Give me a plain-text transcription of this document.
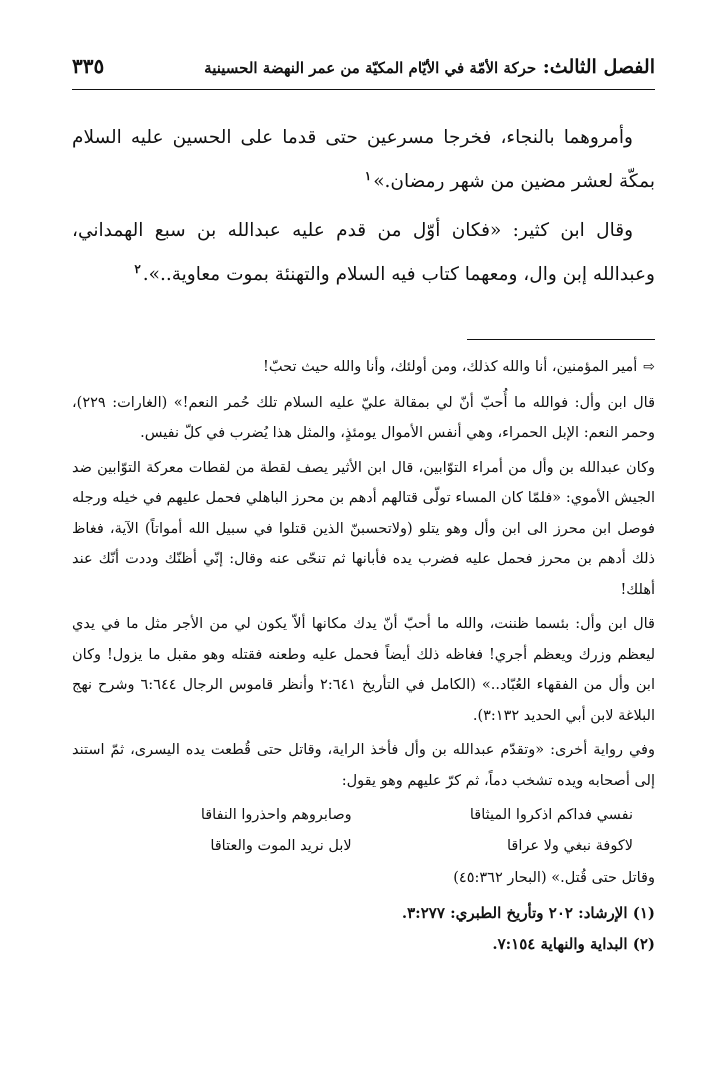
الفصل الثالث: حركة الأمّة في الأيّام المكيّة من عمر النهضة الحسينية
٣٣٥

وأمروهما بالنجاء، فخرجا مسرعين حتى قدما على الحسين عليه السلام بمكّة لعشر مضين من شهر رمضان.»$^١$

وقال ابن كثير: «فكان أوّل من قدم عليه عبدالله بن سبع الهمداني، وعبدالله إبن وال، ومعهما كتاب فيه السلام والتهنئة بموت معاوية..».$^٢$

⇨أمير المؤمنين، أنا والله كذلك، ومن أولئك، وأنا والله حيث تحبّ!

قال ابن وأل: فوالله ما أُحبّ أنّ لي بمقالة عليّ عليه السلام تلك حُمر النعم!» (الغارات: ٢٢٩)، وحمر النعم: الإبل الحمراء، وهي أنفس الأموال يومئذٍ، والمثل هذا يُضرب في كلّ نفيس.

وكان عبدالله بن وأل من أمراء التوّابين، قال ابن الأثير يصف لقطة من لقطات معركة التوّابين ضد الجيش الأموي: «فلمّا كان المساء تولّى قتالهم أدهم بن محرز الباهلي فحمل عليهم في خيله ورجله فوصل ابن محرز الى ابن وأل وهو يتلو (ولاتحسبنّ الذين قتلوا في سبيل الله أمواتاً) الآية، فغاظ ذلك أدهم بن محرز فحمل عليه فضرب يده فأبانها ثم تنحّى عنه وقال: إنّي أظنّك وددت أنّك عند أهلك!

قال ابن وأل: بئسما ظننت، والله ما أحبّ أنّ يدك مكانها ألاّ يكون لي من الأجر مثل ما في يدي ليعظم وزرك ويعظم أجري! فغاظه ذلك أيضاً فحمل عليه وطعنه فقتله وهو مقبل ما يزول! وكان ابن وأل من الفقهاء العُبّاد..» (الكامل في التأريخ ٢:٦٤١ وأنظر قاموس الرجال ٦:٦٤٤ وشرح نهج البلاغة لابن أبي الحديد ٣:١٣٢).

وفي رواية أخرى: «وتقدّم عبدالله بن وأل فأخذ الراية، وقاتل حتى قُطعت يده اليسرى، ثمّ استند إلى أصحابه ويده تشخب دماً، ثم كرّ عليهم وهو يقول:

نفسي فداكم اذكروا الميثاقا
وصابروهم واحذروا النفاقا
لاكوفة نبغي ولا عراقا
لابل نريد الموت والعتاقا

وقاتل حتى قُتل.» (البحار ٤٥:٣٦٢)

(١) الإرشاد: ٢٠٢ وتأريخ الطبري: ٣:٢٧٧.
(٢) البداية والنهاية ٧:١٥٤.
